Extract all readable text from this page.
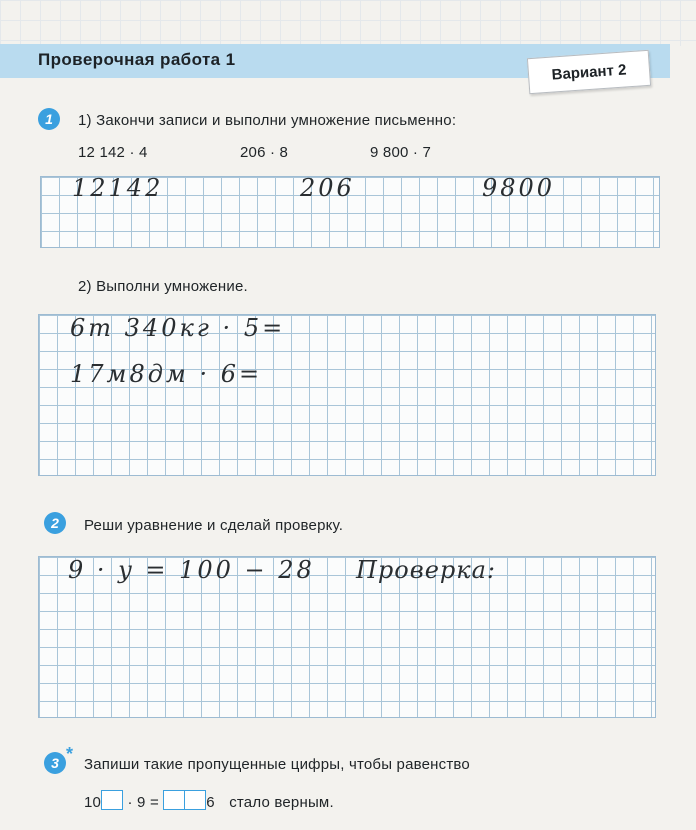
Проверочная работа 1
Вариант 2
1	1) Закончи записи и выполни умножение письменно:
12 142 · 4	206 · 8	9 800 · 7
12142	206	9800
2) Выполни умножение.
6т 340кг · 5=
17м8дм · 6=
2	Реши уравнение и сделай проверку.
9 · y = 100 − 28 Проверка:
3 *
Запиши такие пропущенные цифры, чтобы равенство
10 · 9 =	6 стало верным.
